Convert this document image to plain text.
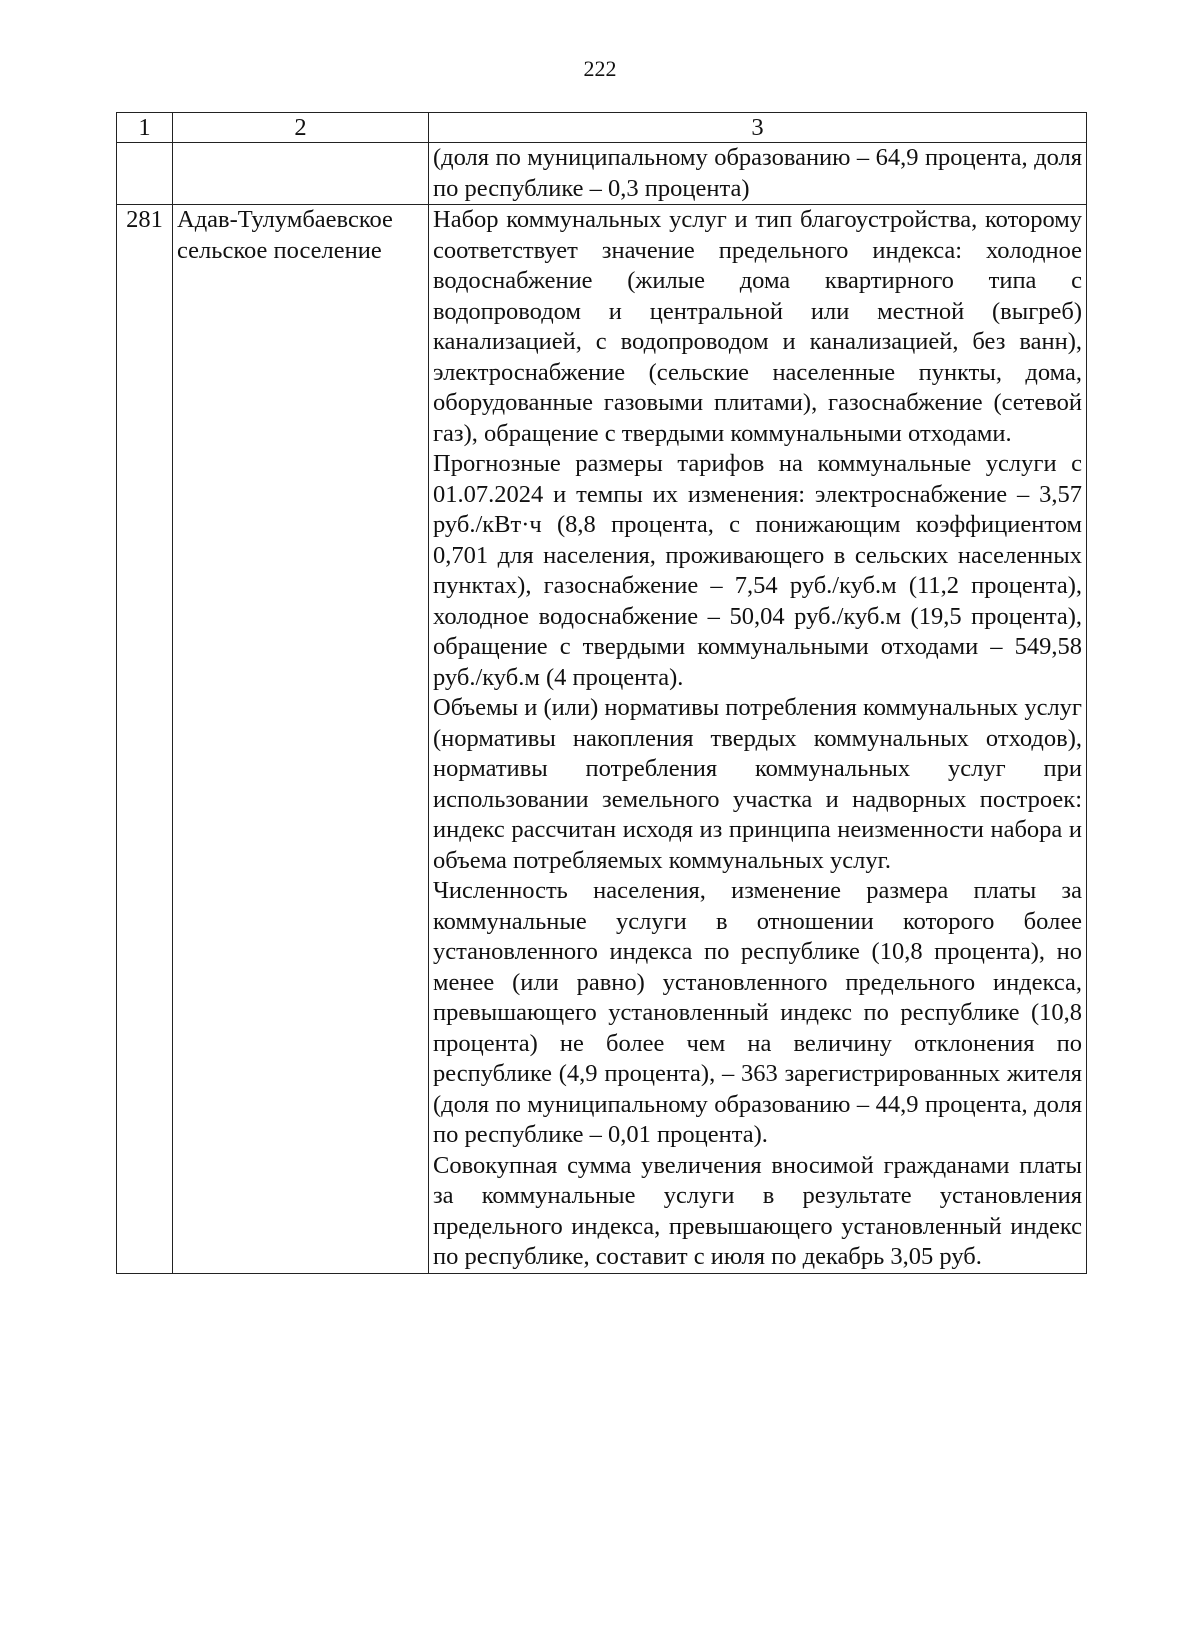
222
1	2	3

		(доля по муниципальному образованию – 64,9 процента, доля по республике – 0,3 процента)

281	Адав-Тулумбаевское сельское поселение	Набор коммунальных услуг и тип благоустройства, которому соответствует значение предельного индекса: холодное водоснабжение (жилые дома квартирного типа с водопроводом и центральной или местной (выгреб) канализацией, с водопроводом и канализацией, без ванн), электроснабжение (сельские населенные пункты, дома, оборудованные газовыми плитами), газоснабжение (сетевой газ), обращение с твердыми коммунальными отходами.

Прогнозные размеры тарифов на коммунальные услуги с 01.07.2024 и темпы их изменения: электроснабжение – 3,57 руб./кВт·ч (8,8 процента, с понижающим коэффициентом 0,701 для населения, проживающего в сельских населенных пунктах), газоснабжение – 7,54 руб./куб.м (11,2 процента), холодное водоснабжение – 50,04 руб./куб.м (19,5 процента), обращение с твердыми коммунальными отходами – 549,58 руб./куб.м (4 процента).

Объемы и (или) нормативы потребления коммунальных услуг (нормативы накопления твердых коммунальных отходов), нормативы потребления коммунальных услуг при использовании земельного участка и надворных построек: индекс рассчитан исходя из принципа неизменности набора и объема потребляемых коммунальных услуг.

Численность населения, изменение размера платы за коммунальные услуги в отношении которого более установленного индекса по республике (10,8 процента), но менее (или равно) установленного предельного индекса, превышающего установленный индекс по республике (10,8 процента) не более чем на величину отклонения по республике (4,9 процента), – 363 зарегистрированных жителя (доля по муниципальному образованию – 44,9 процента, доля по республике – 0,01 процента).

Совокупная сумма увеличения вносимой гражданами платы за коммунальные услуги в результате установления предельного индекса, превышающего установленный индекс по республике, составит с июля по декабрь 3,05 руб.
